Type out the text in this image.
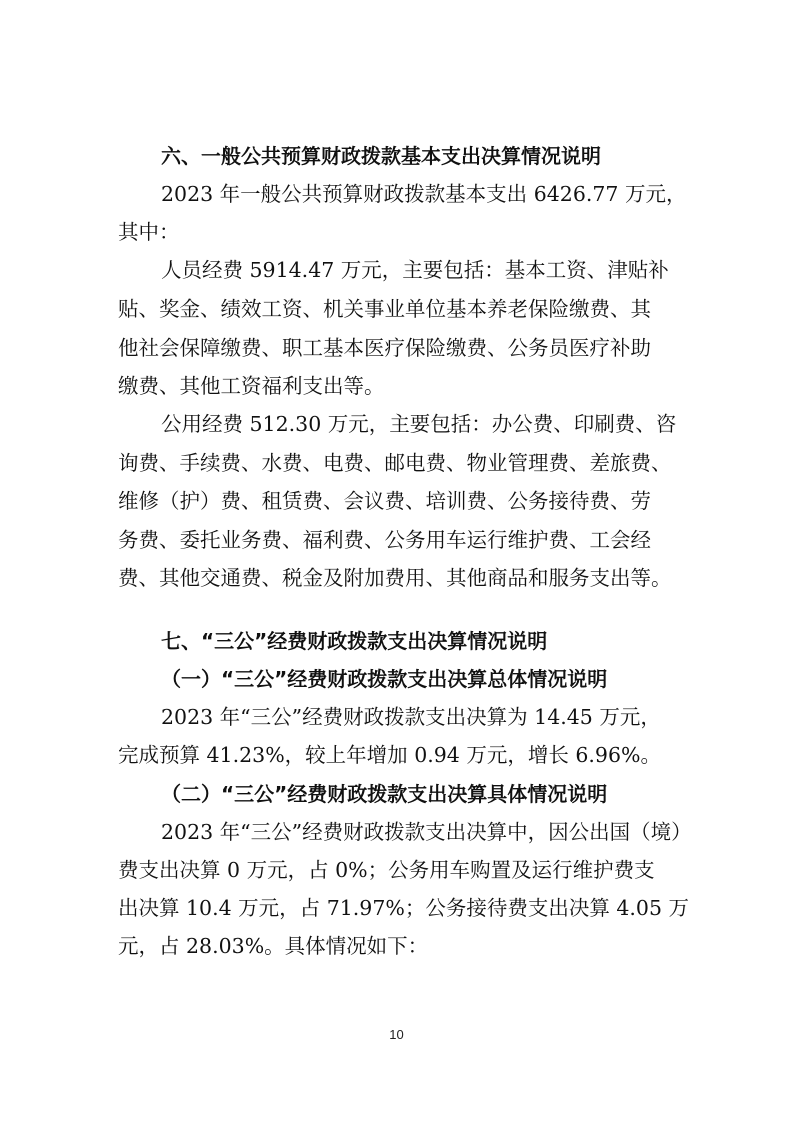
六、一般公共预算财政拨款基本支出决算情况说明
2023 年一般公共预算财政拨款基本支出 6426.77 万元，
其中：
人员经费 5914.47 万元，主要包括：基本工资、津贴补
贴、奖金、绩效工资、机关事业单位基本养老保险缴费、其
他社会保障缴费、职工基本医疗保险缴费、公务员医疗补助
缴费、其他工资福利支出等。
公用经费 512.30 万元，主要包括：办公费、印刷费、咨
询费、手续费、水费、电费、邮电费、物业管理费、差旅费、
维修（护）费、租赁费、会议费、培训费、公务接待费、劳
务费、委托业务费、福利费、公务用车运行维护费、工会经
费、其他交通费、税金及附加费用、其他商品和服务支出等。
七、“三公”经费财政拨款支出决算情况说明
（一）“三公”经费财政拨款支出决算总体情况说明
2023 年“三公”经费财政拨款支出决算为 14.45 万元，
完成预算 41.23%，较上年增加 0.94 万元，增长 6.96%。
（二）“三公”经费财政拨款支出决算具体情况说明
2023 年“三公”经费财政拨款支出决算中，因公出国（境）
费支出决算 0 万元，占 0%；公务用车购置及运行维护费支
出决算 10.4 万元，占 71.97%；公务接待费支出决算 4.05 万
元，占 28.03%。具体情况如下：
10
